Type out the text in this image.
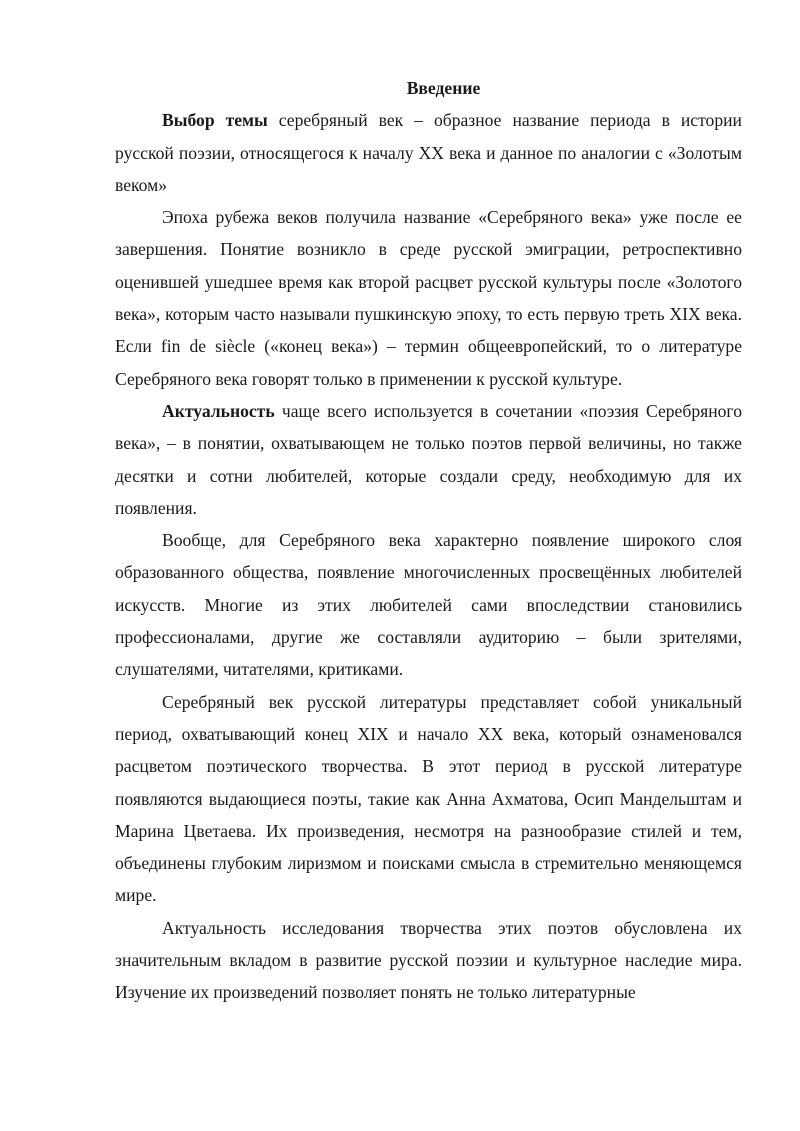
Введение

Выбор темы серебряный век – образное название периода в истории русской поэзии, относящегося к началу XX века и данное по аналогии с «Золотым веком»

Эпоха рубежа веков получила название «Серебряного века» уже после ее завершения. Понятие возникло в среде русской эмиграции, ретроспективно оценившей ушедшее время как второй расцвет русской культуры после «Золотого века», которым часто называли пушкинскую эпоху, то есть первую треть XIX века. Если fin de siècle («конец века») – термин общеевропейский, то о литературе Серебряного века говорят только в применении к русской культуре.

Актуальность чаще всего используется в сочетании «поэзия Серебряного века», – в понятии, охватывающем не только поэтов первой величины, но также десятки и сотни любителей, которые создали среду, необходимую для их появления.

Вообще, для Серебряного века характерно появление широкого слоя образованного общества, появление многочисленных просвещённых любителей искусств. Многие из этих любителей сами впоследствии становились профессионалами, другие же составляли аудиторию – были зрителями, слушателями, читателями, критиками.

Серебряный век русской литературы представляет собой уникальный период, охватывающий конец XIX и начало XX века, который ознаменовался расцветом поэтического творчества. В этот период в русской литературе появляются выдающиеся поэты, такие как Анна Ахматова, Осип Мандельштам и Марина Цветаева. Их произведения, несмотря на разнообразие стилей и тем, объединены глубоким лиризмом и поисками смысла в стремительно меняющемся мире.

Актуальность исследования творчества этих поэтов обусловлена их значительным вкладом в развитие русской поэзии и культурное наследие мира. Изучение их произведений позволяет понять не только литературные
